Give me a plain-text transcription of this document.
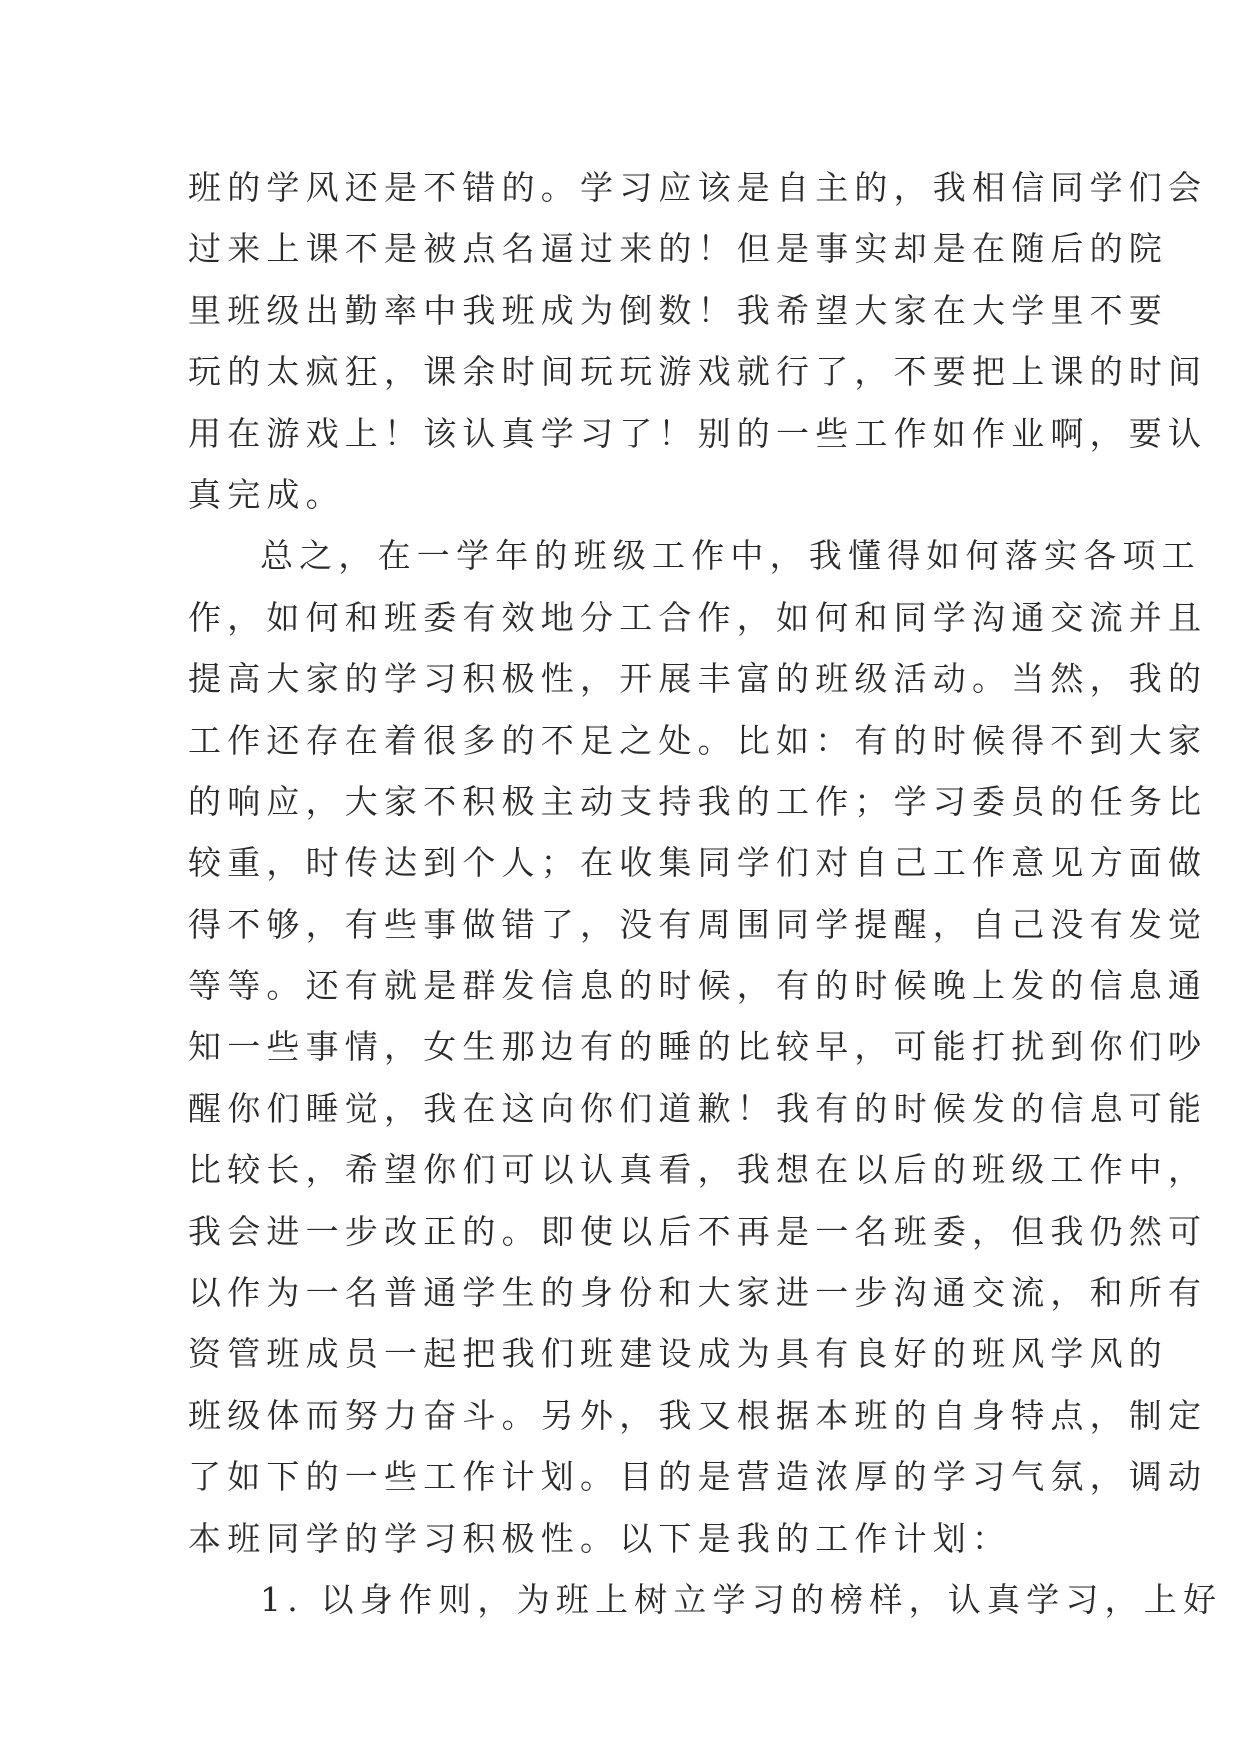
班的学风还是不错的。学习应该是自主的，我相信同学们会
过来上课不是被点名逼过来的！但是事实却是在随后的院
里班级出勤率中我班成为倒数！我希望大家在大学里不要
玩的太疯狂，课余时间玩玩游戏就行了，不要把上课的时间
用在游戏上！该认真学习了！别的一些工作如作业啊，要认
真完成。
总之，在一学年的班级工作中，我懂得如何落实各项工
作，如何和班委有效地分工合作，如何和同学沟通交流并且
提高大家的学习积极性，开展丰富的班级活动。当然，我的
工作还存在着很多的不足之处。比如：有的时候得不到大家
的响应，大家不积极主动支持我的工作；学习委员的任务比
较重，时传达到个人；在收集同学们对自己工作意见方面做
得不够，有些事做错了，没有周围同学提醒，自己没有发觉
等等。还有就是群发信息的时候，有的时候晚上发的信息通
知一些事情，女生那边有的睡的比较早，可能打扰到你们吵
醒你们睡觉，我在这向你们道歉！我有的时候发的信息可能
比较长，希望你们可以认真看，我想在以后的班级工作中，
我会进一步改正的。即使以后不再是一名班委，但我仍然可
以作为一名普通学生的身份和大家进一步沟通交流，和所有
资管班成员一起把我们班建设成为具有良好的班风学风的
班级体而努力奋斗。另外，我又根据本班的自身特点，制定
了如下的一些工作计划。目的是营造浓厚的学习气氛，调动
本班同学的学习积极性。以下是我的工作计划：
1. 以身作则，为班上树立学习的榜样，认真学习，上好
